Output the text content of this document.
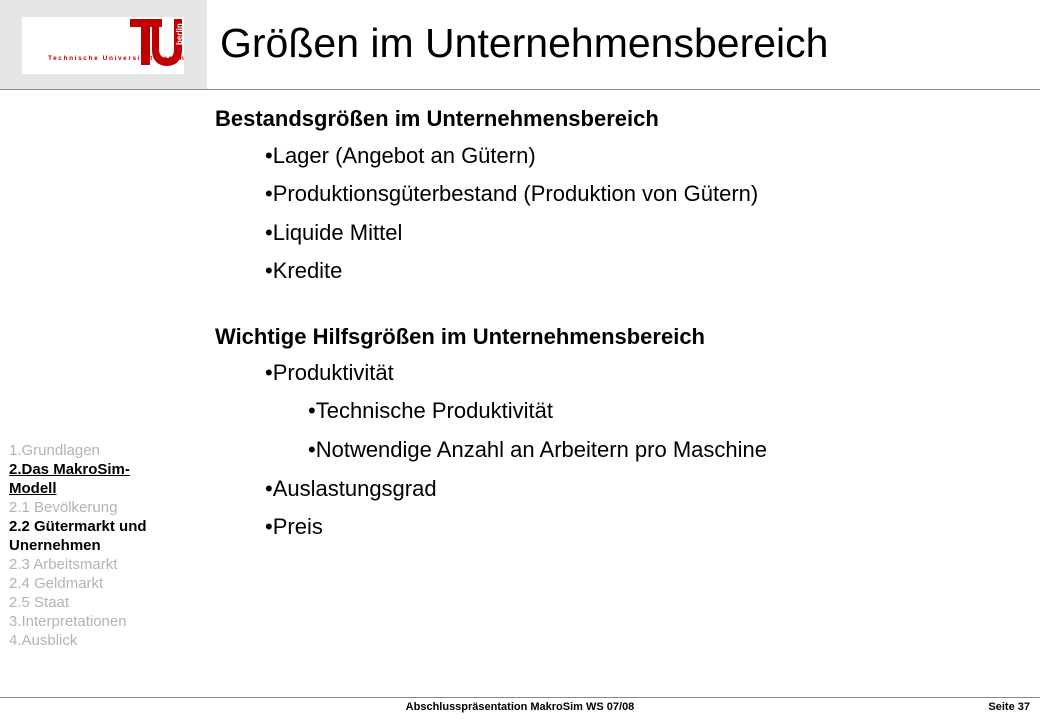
berlin
Technische Universität Berlin Größen im Unternehmensbereich
Bestandsgrößen im Unternehmensbereich
•Lager (Angebot an Gütern)
•Produktionsgüterbestand (Produktion von Gütern)
•Liquide Mittel
•Kredite
Wichtige Hilfsgrößen im Unternehmensbereich
•Produktivität
•Technische Produktivität
•Notwendige Anzahl an Arbeitern pro Maschine
•Auslastungsgrad
•Preis
1.Grundlagen
2.Das MakroSim-
Modell
2.1 Bevölkerung
2.2 Gütermarkt und
Unernehmen
2.3 Arbeitsmarkt
2.4 Geldmarkt
2.5 Staat
3.Interpretationen
4.Ausblick
Abschlusspräsentation MakroSim WS 07/08	Seite 37
